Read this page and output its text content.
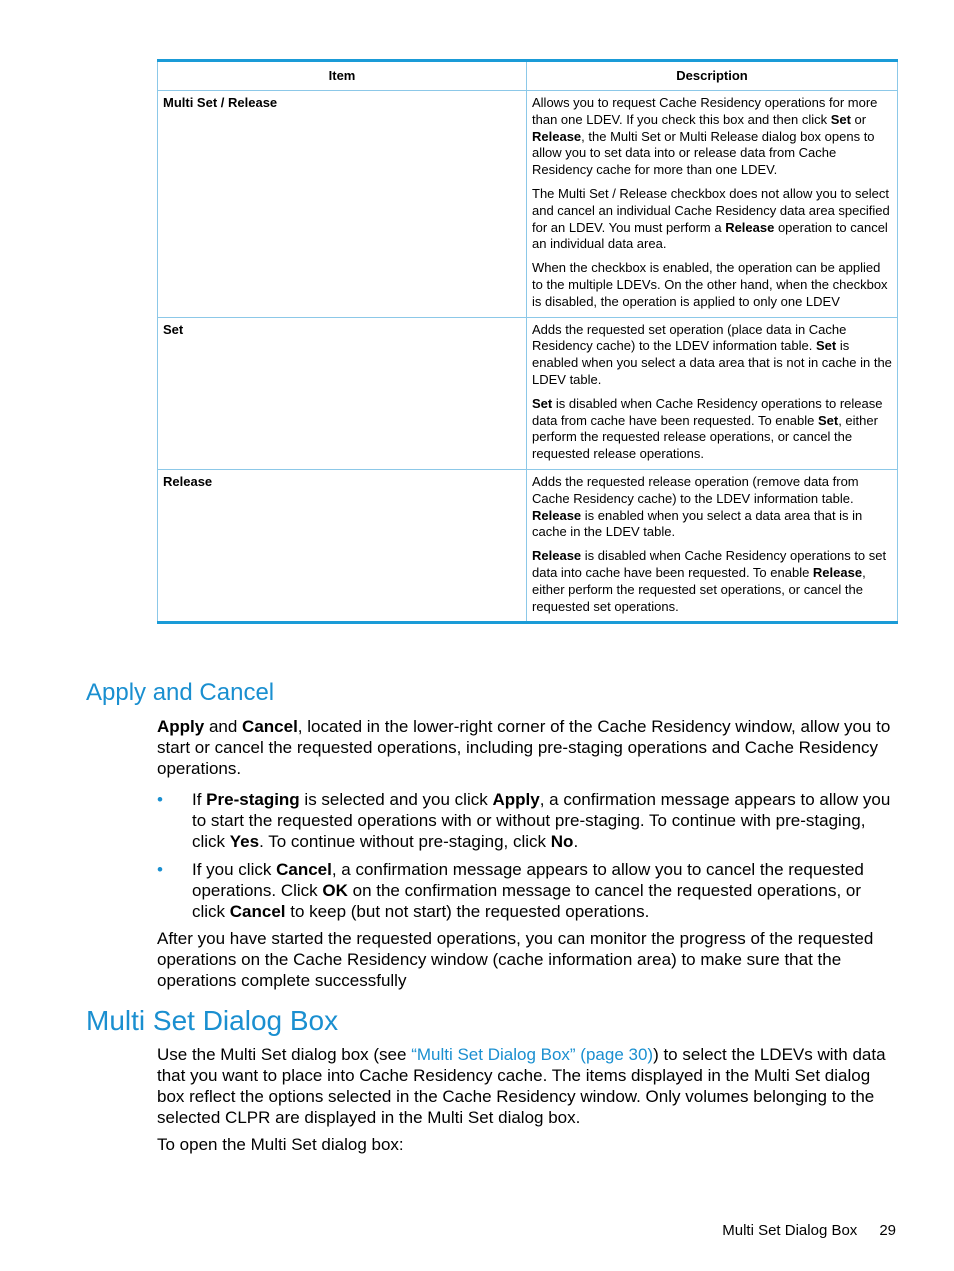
Item	Description
Multi Set / Release	Allows you to request Cache Residency operations for more than one LDEV. If you check this box and then click Set or Release, the Multi Set or Multi Release dialog box opens to allow you to set data into or release data from Cache Residency cache for more than one LDEV.

The Multi Set / Release checkbox does not allow you to select and cancel an individual Cache Residency data area specified for an LDEV. You must perform a Release operation to cancel an individual data area.

When the checkbox is enabled, the operation can be applied to the multiple LDEVs. On the other hand, when the checkbox is disabled, the operation is applied to only one LDEV

Set	Adds the requested set operation (place data in Cache Residency cache) to the LDEV information table. Set is enabled when you select a data area that is not in cache in the LDEV table.

Set is disabled when Cache Residency operations to release data from cache have been requested. To enable Set, either perform the requested release operations, or cancel the requested release operations.

Release	Adds the requested release operation (remove data from Cache Residency cache) to the LDEV information table. Release is enabled when you select a data area that is in cache in the LDEV table.

Release is disabled when Cache Residency operations to set data into cache have been requested. To enable Release, either perform the requested set operations, or cancel the requested set operations.

Apply and Cancel

Apply and Cancel, located in the lower-right corner of the Cache Residency window, allow you to start or cancel the requested operations, including pre-staging operations and Cache Residency operations.

• If Pre-staging is selected and you click Apply, a confirmation message appears to allow you to start the requested operations with or without pre-staging. To continue with pre-staging, click Yes. To continue without pre-staging, click No.
• If you click Cancel, a confirmation message appears to allow you to cancel the requested operations. Click OK on the confirmation message to cancel the requested operations, or click Cancel to keep (but not start) the requested operations.

After you have started the requested operations, you can monitor the progress of the requested operations on the Cache Residency window (cache information area) to make sure that the operations complete successfully

Multi Set Dialog Box

Use the Multi Set dialog box (see “Multi Set Dialog Box” (page 30)) to select the LDEVs with data that you want to place into Cache Residency cache. The items displayed in the Multi Set dialog box reflect the options selected in the Cache Residency window. Only volumes belonging to the selected CLPR are displayed in the Multi Set dialog box.

To open the Multi Set dialog box:

Multi Set Dialog Box 29
